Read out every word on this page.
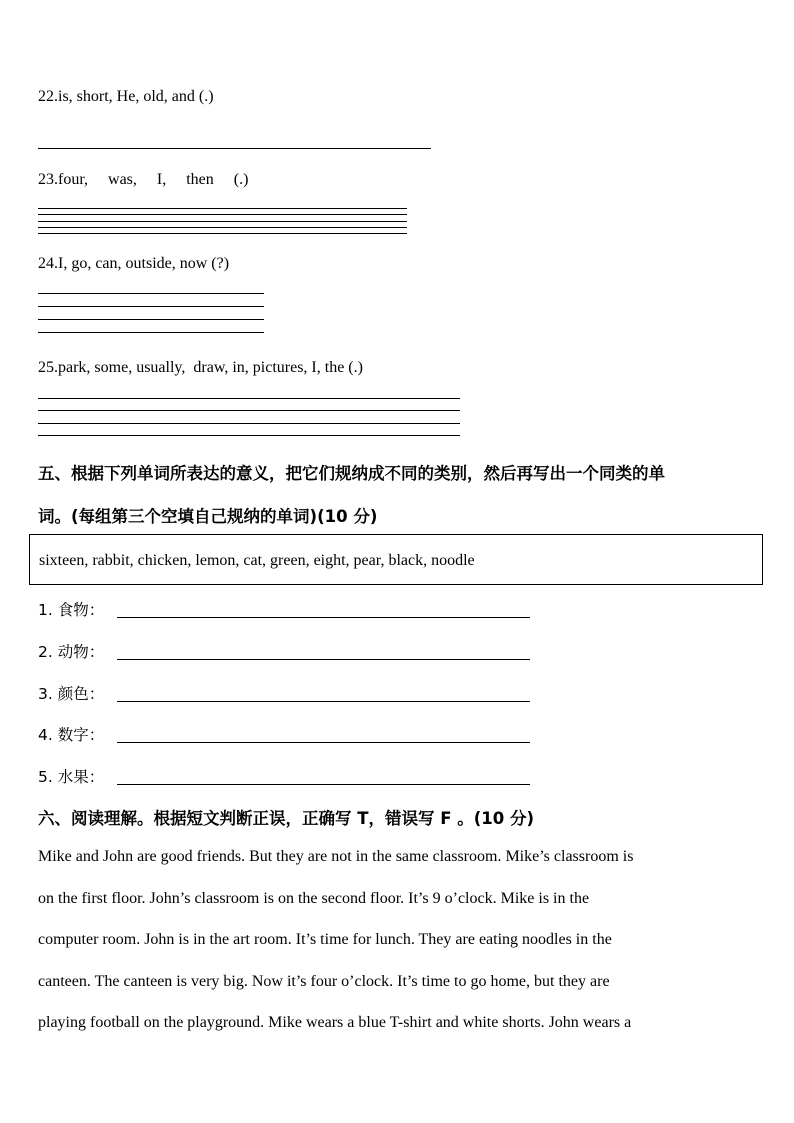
22.is, short, He, old, and (.)
23.four,     was,     I,     then     (.)
24.I, go, can, outside, now (?)
25.park, some, usually,  draw, in, pictures, I, the (.)
五、根据下列单词所表达的意义，把它们规纳成不同的类别，然后再写出一个同类的单
词。(每组第三个空填自己规纳的单词)(10 分)
sixteen, rabbit, chicken, lemon, cat, green, eight, pear, black, noodle
1. 食物：
2. 动物：
3. 颜色：
4. 数字：
5. 水果：
六、阅读理解。根据短文判断正误，正确写 T，错误写 F 。(10 分)
Mike and John are good friends. But they are not in the same classroom. Mike’s classroom is
on the first floor. John’s classroom is on the second floor. It’s 9 o’clock. Mike is in the
computer room. John is in the art room. It’s time for lunch. They are eating noodles in the
canteen. The canteen is very big. Now it’s four o’clock. It’s time to go home, but they are
playing football on the playground. Mike wears a blue T-shirt and white shorts. John wears a
